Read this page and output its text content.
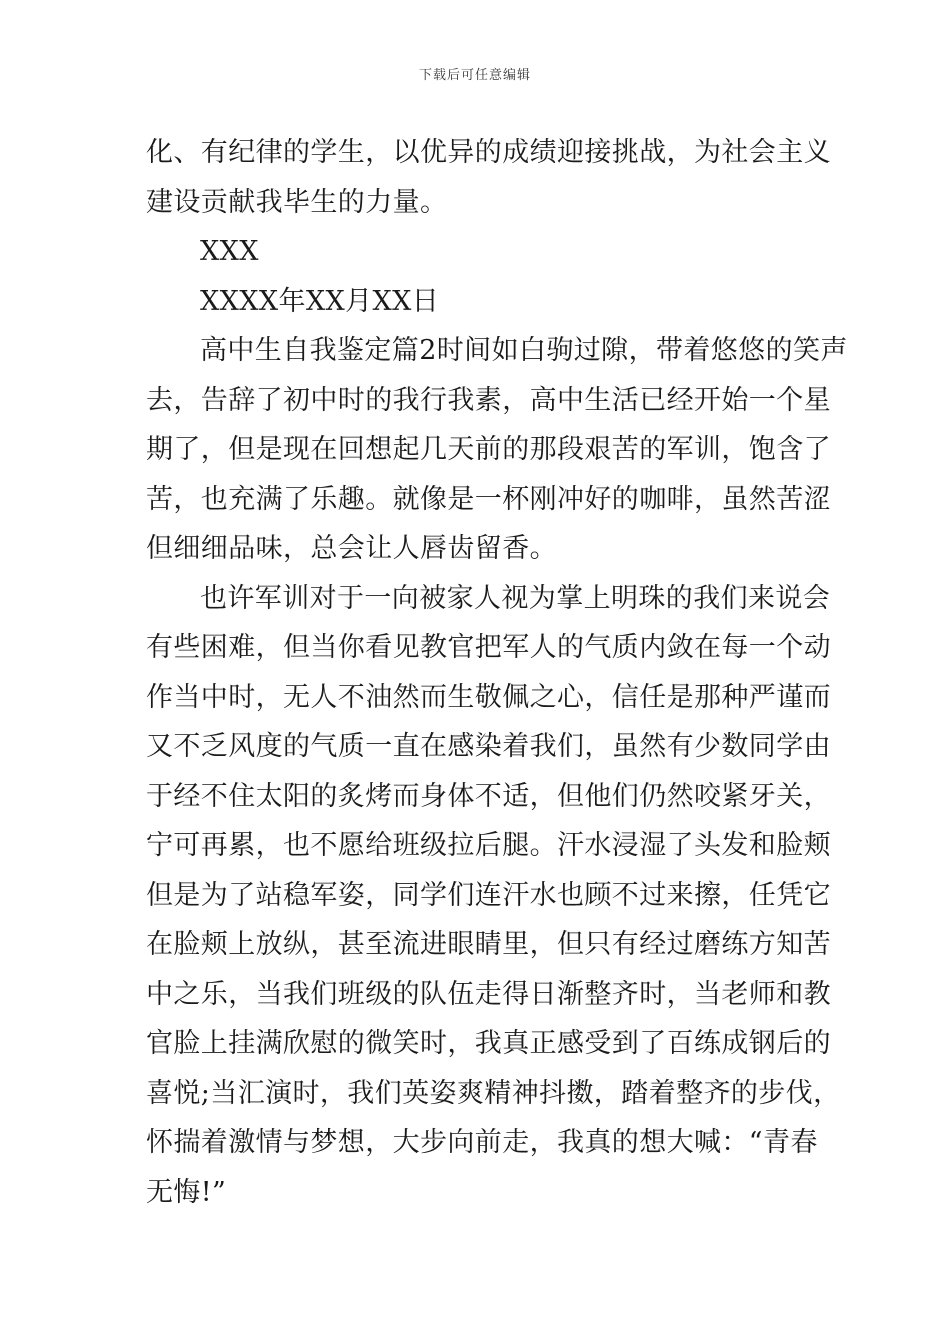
下载后可任意编辑
化、有纪律的学生，以优异的成绩迎接挑战，为社会主义
建设贡献我毕生的力量。
XXX
XXXX年XX月XX日
高中生自我鉴定篇2时间如白驹过隙，带着悠悠的笑声
去，告辞了初中时的我行我素，高中生活已经开始一个星
期了，但是现在回想起几天前的那段艰苦的军训，饱含了
苦，也充满了乐趣。就像是一杯刚冲好的咖啡，虽然苦涩
但细细品味，总会让人唇齿留香。
也许军训对于一向被家人视为掌上明珠的我们来说会
有些困难，但当你看见教官把军人的气质内敛在每一个动
作当中时，无人不油然而生敬佩之心，信任是那种严谨而
又不乏风度的气质一直在感染着我们，虽然有少数同学由
于经不住太阳的炙烤而身体不适，但他们仍然咬紧牙关，
宁可再累，也不愿给班级拉后腿。汗水浸湿了头发和脸颊
但是为了站稳军姿，同学们连汗水也顾不过来擦，任凭它
在脸颊上放纵，甚至流进眼睛里，但只有经过磨练方知苦
中之乐，当我们班级的队伍走得日渐整齐时，当老师和教
官脸上挂满欣慰的微笑时，我真正感受到了百练成钢后的
喜悦;当汇演时，我们英姿爽精神抖擞，踏着整齐的步伐，
怀揣着激情与梦想，大步向前走，我真的想大喊：“青春
无悔!”
